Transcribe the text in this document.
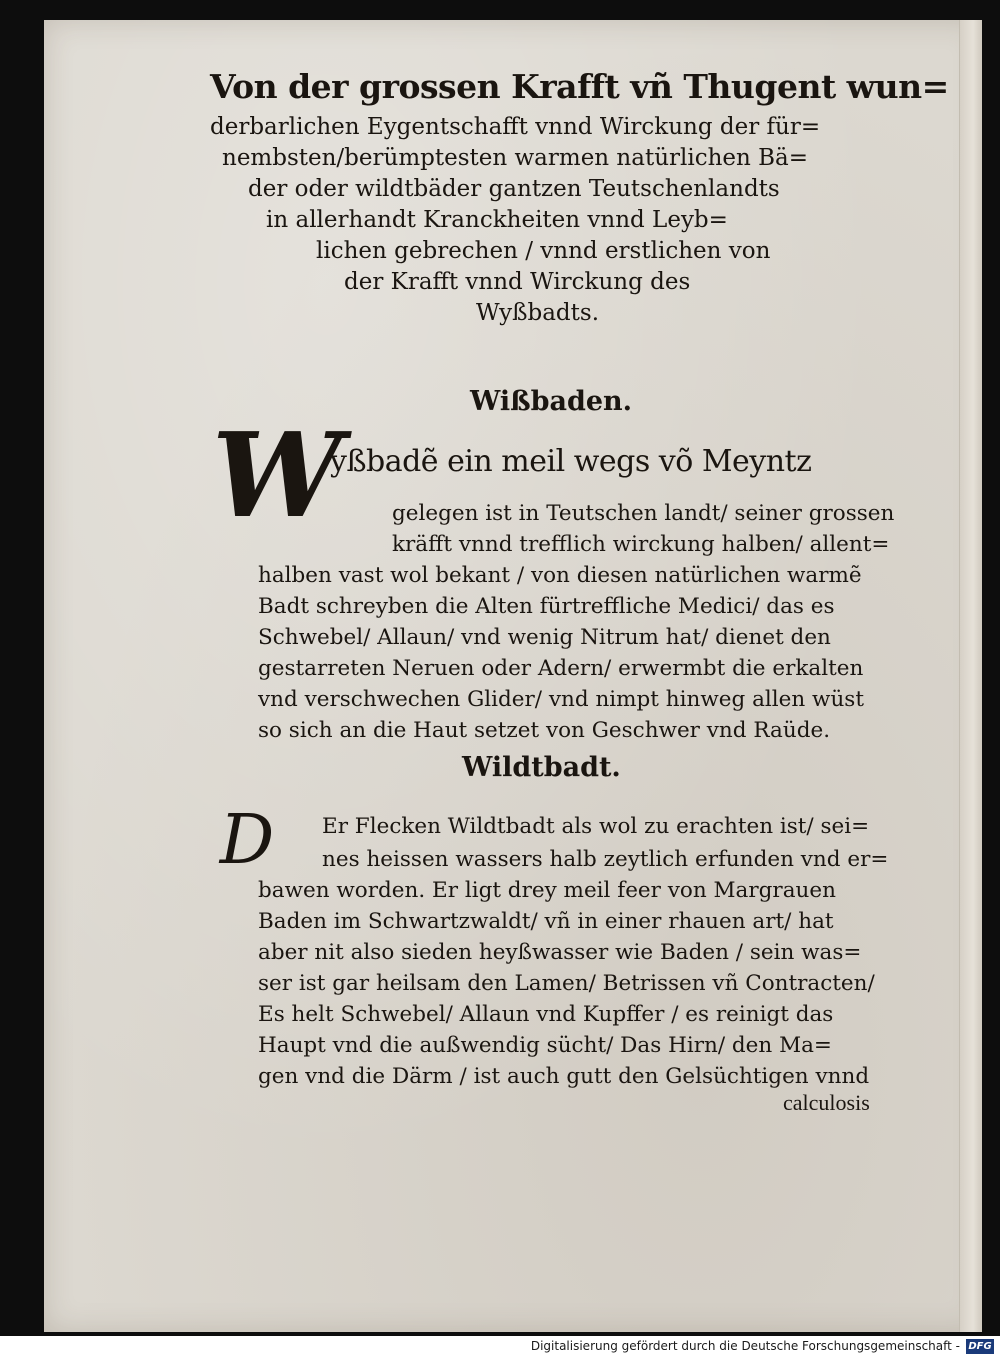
Von der grossen Krafft vñ Thugent wun=
derbarlichen Eygentschafft vnnd Wirckung der für=
nembsten/berümptesten warmen natürlichen Bä=
der oder wildtbäder gantzen Teutschenlandts
in allerhandt Kranckheiten vnnd Leyb=
lichen gebrechen / vnnd erstlichen von
der Krafft vnnd Wirckung des
Wyßbadts.
Wißbaden.
W
yßbadẽ ein meil wegs võ Meyntz
gelegen ist in Teutschen landt/ seiner grossen
kräfft vnnd trefflich wirckung halben/ allent=
halben vast wol bekant / von diesen natürlichen warmẽ
Badt schreyben die Alten fürtreffliche Medici/ das es
Schwebel/ Allaun/ vnd wenig Nitrum hat/ dienet den
gestarreten Neruen oder Adern/ erwermbt die erkalten
vnd verschwechen Glider/ vnd nimpt hinweg allen wüst
so sich an die Haut setzet von Geschwer vnd Raüde.
Wildtbadt.
D	Er Flecken Wildtbadt als wol zu erachten ist/ sei=
nes heissen wassers halb zeytlich erfunden vnd er=
bawen worden. Er ligt drey meil feer von Margrauen
Baden im Schwartzwaldt/ vñ in einer rhauen art/ hat
aber nit also sieden heyßwasser wie Baden / sein was=
ser ist gar heilsam den Lamen/ Betrissen vñ Contracten/
Es helt Schwebel/ Allaun vnd Kupffer / es reinigt das
Haupt vnd die außwendig sücht/ Das Hirn/ den Ma=
gen vnd die Därm / ist auch gutt den Gelsüchtigen vnnd
calculosis
Digitalisierung gefördert durch die Deutsche Forschungsgemeinschaft - DFG
